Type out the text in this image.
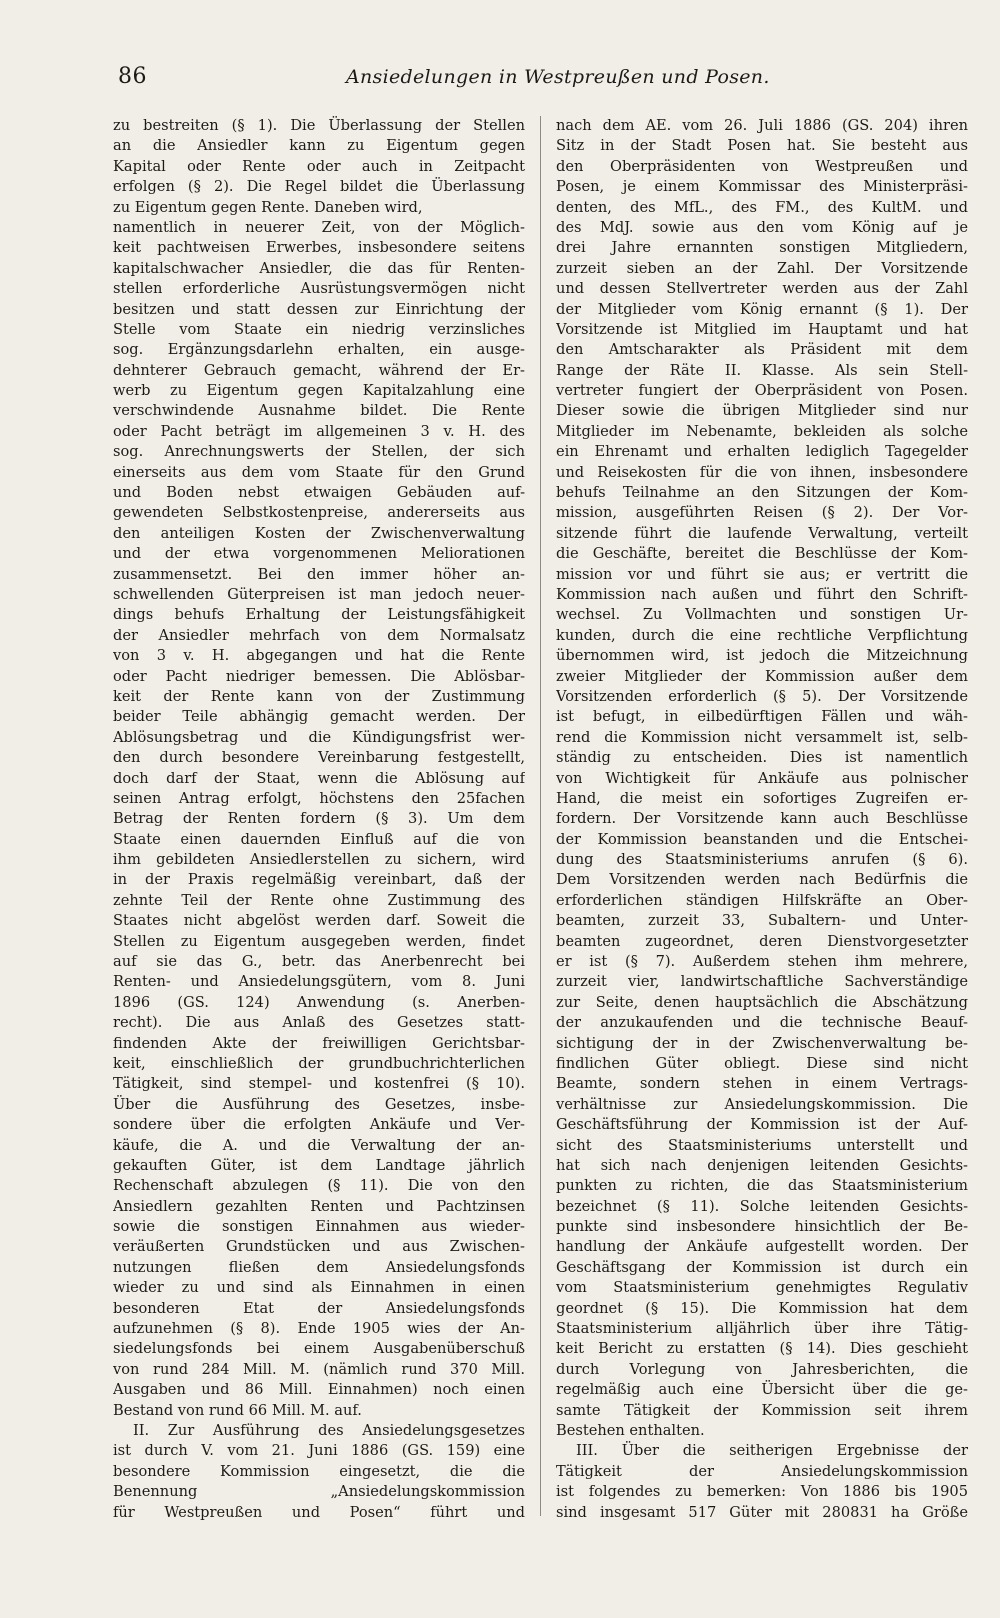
86	Ansiedelungen in Westpreußen und Posen.
zu bestreiten (§ 1). Die Überlassung der Stellen
an die Ansiedler kann zu Eigentum gegen
Kapital oder Rente oder auch in Zeitpacht
erfolgen (§ 2). Die Regel bildet die Überlassung
zu Eigentum gegen Rente. Daneben wird,
namentlich in neuerer Zeit, von der Möglich-
keit pachtweisen Erwerbes, insbesondere seitens
kapitalschwacher Ansiedler, die das für Renten-
stellen erforderliche Ausrüstungsvermögen nicht
besitzen und statt dessen zur Einrichtung der
Stelle vom Staate ein niedrig verzinsliches
sog. Ergänzungsdarlehn erhalten, ein ausge-
dehnterer Gebrauch gemacht, während der Er-
werb zu Eigentum gegen Kapitalzahlung eine
verschwindende Ausnahme bildet. Die Rente
oder Pacht beträgt im allgemeinen 3 v. H. des
sog. Anrechnungswerts der Stellen, der sich
einerseits aus dem vom Staate für den Grund
und Boden nebst etwaigen Gebäuden auf-
gewendeten Selbstkostenpreise, andererseits aus
den anteiligen Kosten der Zwischenverwaltung
und der etwa vorgenommenen Meliorationen
zusammensetzt. Bei den immer höher an-
schwellenden Güterpreisen ist man jedoch neuer-
dings behufs Erhaltung der Leistungsfähigkeit
der Ansiedler mehrfach von dem Normalsatz
von 3 v. H. abgegangen und hat die Rente
oder Pacht niedriger bemessen. Die Ablösbar-
keit der Rente kann von der Zustimmung
beider Teile abhängig gemacht werden. Der
Ablösungsbetrag und die Kündigungsfrist wer-
den durch besondere Vereinbarung festgestellt,
doch darf der Staat, wenn die Ablösung auf
seinen Antrag erfolgt, höchstens den 25fachen
Betrag der Renten fordern (§ 3). Um dem
Staate einen dauernden Einfluß auf die von
ihm gebildeten Ansiedlerstellen zu sichern, wird
in der Praxis regelmäßig vereinbart, daß der
zehnte Teil der Rente ohne Zustimmung des
Staates nicht abgelöst werden darf. Soweit die
Stellen zu Eigentum ausgegeben werden, findet
auf sie das G., betr. das Anerbenrecht bei
Renten- und Ansiedelungsgütern, vom 8. Juni
1896 (GS. 124) Anwendung (s. Anerben-
recht). Die aus Anlaß des Gesetzes statt-
findenden Akte der freiwilligen Gerichtsbar-
keit, einschließlich der grundbuchrichterlichen
Tätigkeit, sind stempel- und kostenfrei (§ 10).
Über die Ausführung des Gesetzes, insbe-
sondere über die erfolgten Ankäufe und Ver-
käufe, die A. und die Verwaltung der an-
gekauften Güter, ist dem Landtage jährlich
Rechenschaft abzulegen (§ 11). Die von den
Ansiedlern gezahlten Renten und Pachtzinsen
sowie die sonstigen Einnahmen aus wieder-
veräußerten Grundstücken und aus Zwischen-
nutzungen fließen dem Ansiedelungsfonds
wieder zu und sind als Einnahmen in einen
besonderen Etat der Ansiedelungsfonds
aufzunehmen (§ 8). Ende 1905 wies der An-
siedelungsfonds bei einem Ausgabenüberschuß
von rund 284 Mill. M. (nämlich rund 370 Mill.
Ausgaben und 86 Mill. Einnahmen) noch einen
Bestand von rund 66 Mill. M. auf.
II. Zur Ausführung des Ansiedelungsgesetzes
ist durch V. vom 21. Juni 1886 (GS. 159) eine
besondere Kommission eingesetzt, die die
Benennung „Ansiedelungskommission
für Westpreußen und Posen“ führt und
nach dem AE. vom 26. Juli 1886 (GS. 204) ihren
Sitz in der Stadt Posen hat. Sie besteht aus
den Oberpräsidenten von Westpreußen und
Posen, je einem Kommissar des Ministerpräsi-
denten, des MfL., des FM., des KultM. und
des MdJ. sowie aus den vom König auf je
drei Jahre ernannten sonstigen Mitgliedern,
zurzeit sieben an der Zahl. Der Vorsitzende
und dessen Stellvertreter werden aus der Zahl
der Mitglieder vom König ernannt (§ 1). Der
Vorsitzende ist Mitglied im Hauptamt und hat
den Amtscharakter als Präsident mit dem
Range der Räte II. Klasse. Als sein Stell-
vertreter fungiert der Oberpräsident von Posen.
Dieser sowie die übrigen Mitglieder sind nur
Mitglieder im Nebenamte, bekleiden als solche
ein Ehrenamt und erhalten lediglich Tagegelder
und Reisekosten für die von ihnen, insbesondere
behufs Teilnahme an den Sitzungen der Kom-
mission, ausgeführten Reisen (§ 2). Der Vor-
sitzende führt die laufende Verwaltung, verteilt
die Geschäfte, bereitet die Beschlüsse der Kom-
mission vor und führt sie aus; er vertritt die
Kommission nach außen und führt den Schrift-
wechsel. Zu Vollmachten und sonstigen Ur-
kunden, durch die eine rechtliche Verpflichtung
übernommen wird, ist jedoch die Mitzeichnung
zweier Mitglieder der Kommission außer dem
Vorsitzenden erforderlich (§ 5). Der Vorsitzende
ist befugt, in eilbedürftigen Fällen und wäh-
rend die Kommission nicht versammelt ist, selb-
ständig zu entscheiden. Dies ist namentlich
von Wichtigkeit für Ankäufe aus polnischer
Hand, die meist ein sofortiges Zugreifen er-
fordern. Der Vorsitzende kann auch Beschlüsse
der Kommission beanstanden und die Entschei-
dung des Staatsministeriums anrufen (§ 6).
Dem Vorsitzenden werden nach Bedürfnis die
erforderlichen ständigen Hilfskräfte an Ober-
beamten, zurzeit 33, Subaltern- und Unter-
beamten zugeordnet, deren Dienstvorgesetzter
er ist (§ 7). Außerdem stehen ihm mehrere,
zurzeit vier, landwirtschaftliche Sachverständige
zur Seite, denen hauptsächlich die Abschätzung
der anzukaufenden und die technische Beauf-
sichtigung der in der Zwischenverwaltung be-
findlichen Güter obliegt. Diese sind nicht
Beamte, sondern stehen in einem Vertrags-
verhältnisse zur Ansiedelungskommission. Die
Geschäftsführung der Kommission ist der Auf-
sicht des Staatsministeriums unterstellt und
hat sich nach denjenigen leitenden Gesichts-
punkten zu richten, die das Staatsministerium
bezeichnet (§ 11). Solche leitenden Gesichts-
punkte sind insbesondere hinsichtlich der Be-
handlung der Ankäufe aufgestellt worden. Der
Geschäftsgang der Kommission ist durch ein
vom Staatsministerium genehmigtes Regulativ
geordnet (§ 15). Die Kommission hat dem
Staatsministerium alljährlich über ihre Tätig-
keit Bericht zu erstatten (§ 14). Dies geschieht
durch Vorlegung von Jahresberichten, die
regelmäßig auch eine Übersicht über die ge-
samte Tätigkeit der Kommission seit ihrem
Bestehen enthalten.
III. Über die seitherigen Ergebnisse der
Tätigkeit der Ansiedelungskommission
ist folgendes zu bemerken: Von 1886 bis 1905
sind insgesamt 517 Güter mit 280831 ha Größe
